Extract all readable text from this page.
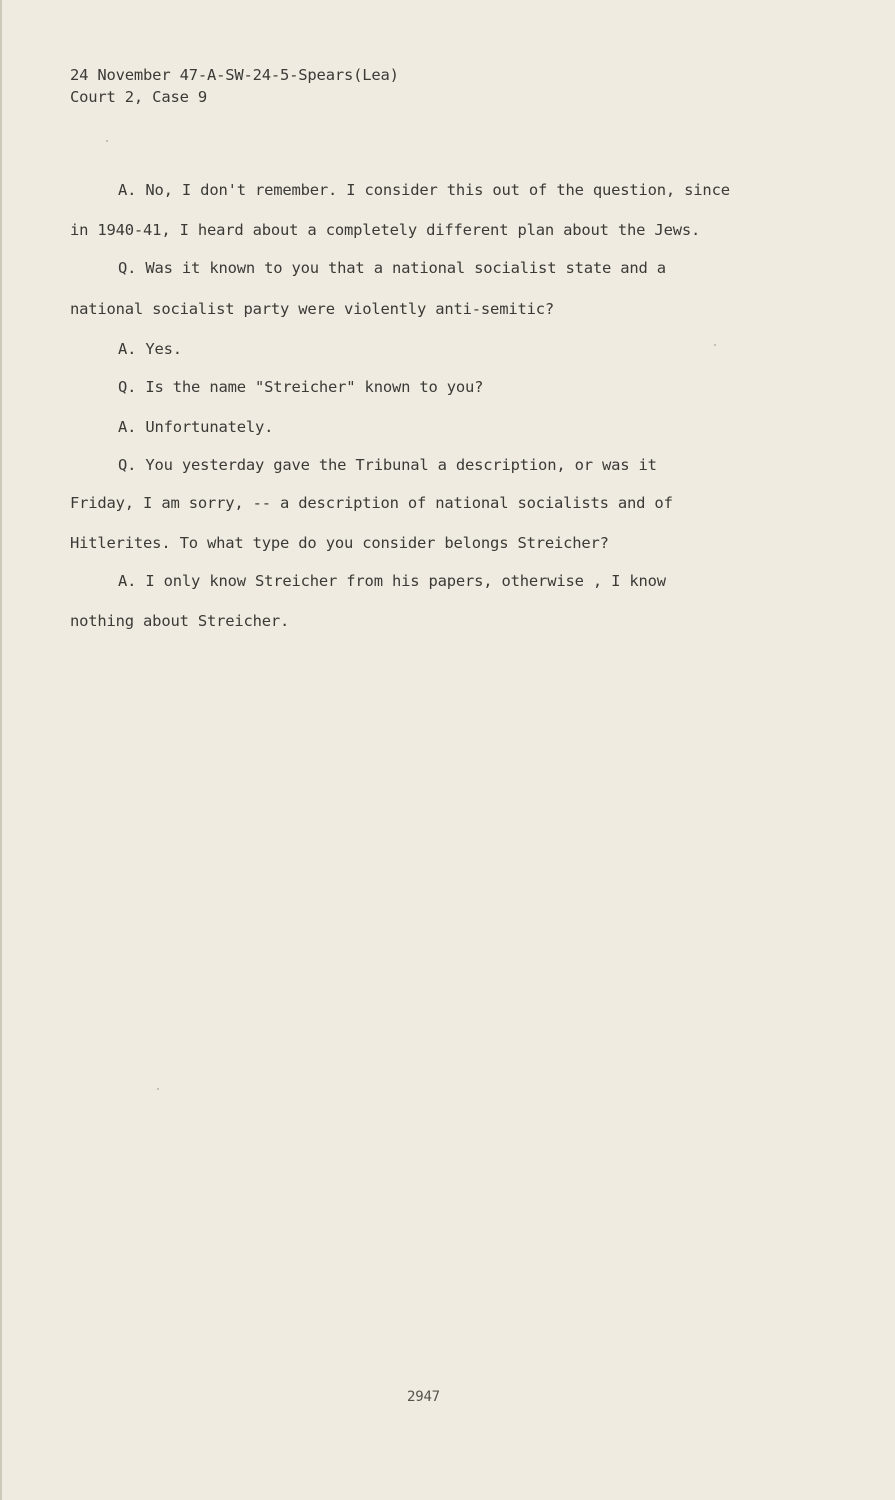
24 November 47-A-SW-24-5-Spears(Lea)
Court 2, Case 9
A. No, I don't remember. I consider this out of the question, since
in 1940-41, I heard about a completely different plan about the Jews.
Q. Was it known to you that a national socialist state and a
national socialist party were violently anti-semitic?
A. Yes.
Q. Is the name "Streicher" known to you?
A. Unfortunately.
Q. You yesterday gave the Tribunal a description, or was it
Friday, I am sorry, -- a description of national socialists and of
Hitlerites. To what type do you consider belongs Streicher?
A. I only know Streicher from his papers, otherwise , I know
nothing about Streicher.
2947
